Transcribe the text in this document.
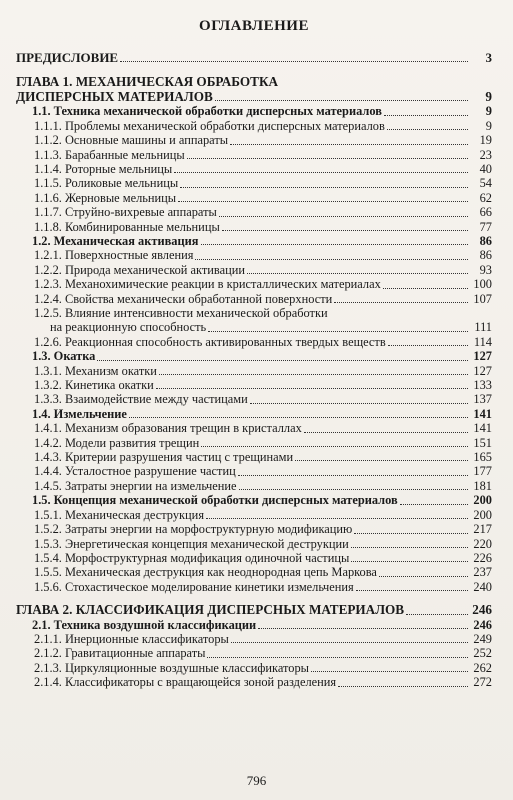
ОГЛАВЛЕНИЕ
ПРЕДИСЛОВИЕ	3
ГЛАВА 1. МЕХАНИЧЕСКАЯ ОБРАБОТКА
ДИСПЕРСНЫХ МАТЕРИАЛОВ	9
1.1. Техника механической обработки дисперсных материалов	9
1.1.1. Проблемы механической обработки дисперсных материалов	9
1.1.2. Основные машины и аппараты	19
1.1.3. Барабанные мельницы	23
1.1.4. Роторные мельницы	40
1.1.5. Роликовые мельницы	54
1.1.6. Жерновые мельницы	62
1.1.7. Струйно-вихревые аппараты	66
1.1.8. Комбинированные мельницы	77
1.2. Механическая активация	86
1.2.1. Поверхностные явления	86
1.2.2. Природа механической активации	93
1.2.3. Механохимические реакции в кристаллических материалах	100
1.2.4. Свойства механически обработанной поверхности	107
1.2.5. Влияние интенсивности механической обработки
на реакционную способность	111
1.2.6. Реакционная способность активированных твердых веществ	114
1.3. Окатка	127
1.3.1. Механизм окатки	127
1.3.2. Кинетика окатки	133
1.3.3. Взаимодействие между частицами	137
1.4. Измельчение	141
1.4.1. Механизм образования трещин в кристаллах	141
1.4.2. Модели развития трещин	151
1.4.3. Критерии разрушения частиц с трещинами	165
1.4.4. Усталостное разрушение частиц	177
1.4.5. Затраты энергии на измельчение	181
1.5. Концепция механической обработки дисперсных материалов	200
1.5.1. Механическая деструкция	200
1.5.2. Затраты энергии на морфоструктурную модификацию	217
1.5.3. Энергетическая концепция механической деструкции	220
1.5.4. Морфоструктурная модификация одиночной частицы	226
1.5.5. Механическая деструкция как неоднородная цепь Маркова	237
1.5.6. Стохастическое моделирование кинетики измельчения	240
ГЛАВА 2. КЛАССИФИКАЦИЯ ДИСПЕРСНЫХ МАТЕРИАЛОВ	246
2.1. Техника воздушной классификации	246
2.1.1. Инерционные классификаторы	249
2.1.2. Гравитационные аппараты	252
2.1.3. Циркуляционные воздушные классификаторы	262
2.1.4. Классификаторы с вращающейся зоной разделения	272
796
